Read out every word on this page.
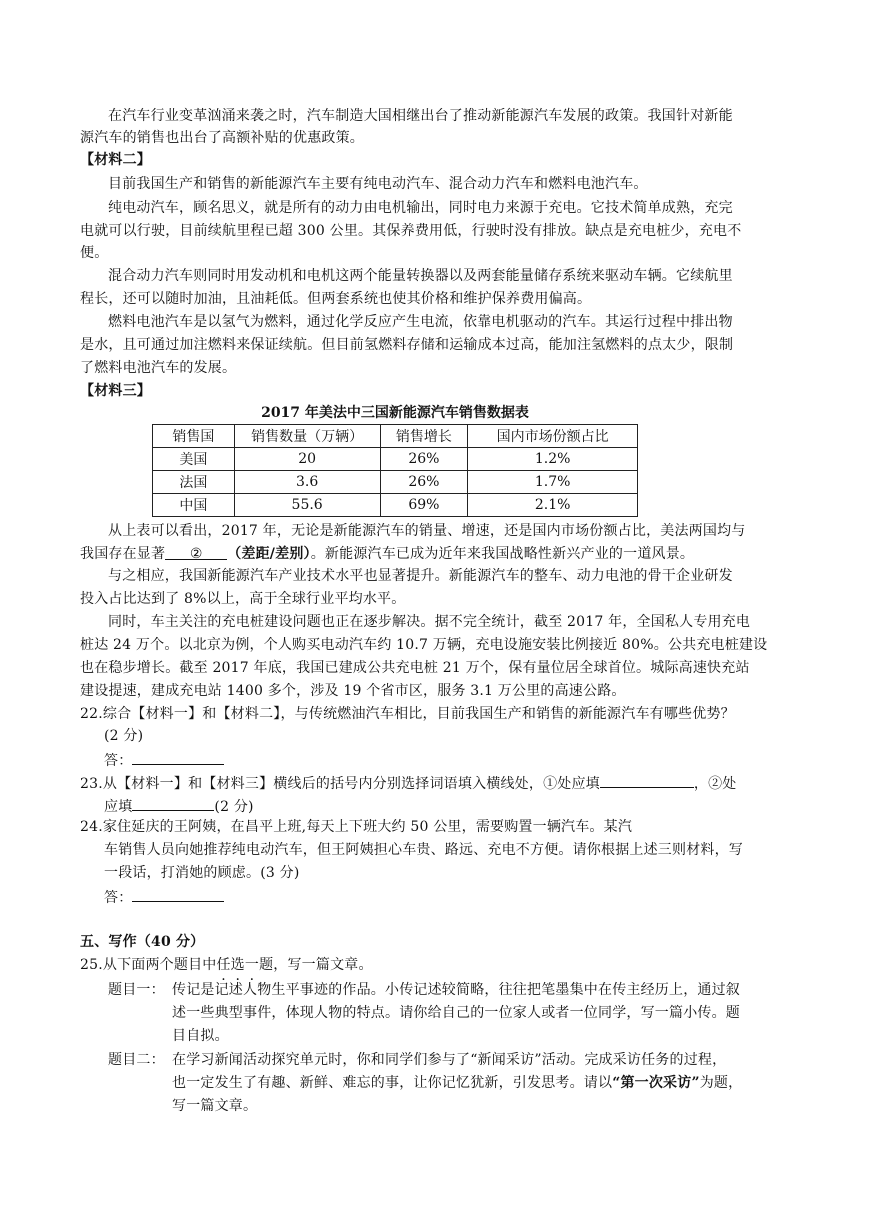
在汽车行业变革汹涌来袭之时，汽车制造大国相继出台了推动新能源汽车发展的政策。我国针对新能
源汽车的销售也出台了高额补贴的优惠政策。
【材料二】
目前我国生产和销售的新能源汽车主要有纯电动汽车、混合动力汽车和燃料电池汽车。
纯电动汽车，顾名思义，就是所有的动力由电机输出，同时电力来源于充电。它技术简单成熟，充完
电就可以行驶，目前续航里程已超 300 公里。其保养费用低，行驶时没有排放。缺点是充电桩少，充电不
便。
混合动力汽车则同时用发动机和电机这两个能量转换器以及两套能量储存系统来驱动车辆。它续航里
程长，还可以随时加油，且油耗低。但两套系统也使其价格和维护保养费用偏高。
燃料电池汽车是以氢气为燃料，通过化学反应产生电流，依靠电机驱动的汽车。其运行过程中排出物
是水，且可通过加注燃料来保证续航。但目前氢燃料存储和运输成本过高，能加注氢燃料的点太少，限制
了燃料电池汽车的发展。
【材料三】
2017 年美法中三国新能源汽车销售数据表
销售国	销售数量（万辆）	销售增长	国内市场份额占比
美国	20	26%	1.2%
法国	3.6	26%	1.7%
中国	55.6	69%	2.1%
从上表可以看出，2017 年，无论是新能源汽车的销量、增速，还是国内市场份额占比，美法两国均与
我国存在显著 ② （差距/差别）。新能源汽车已成为近年来我国战略性新兴产业的一道风景。
与之相应，我国新能源汽车产业技术水平也显著提升。新能源汽车的整车、动力电池的骨干企业研发
投入占比达到了 8%以上，高于全球行业平均水平。
同时，车主关注的充电桩建设问题也正在逐步解决。据不完全统计，截至 2017 年，全国私人专用充电
桩达 24 万个。以北京为例，个人购买电动汽车约 10.7 万辆，充电设施安装比例接近 80%。公共充电桩建设
也在稳步增长。截至 2017 年底，我国已建成公共充电桩 21 万个，保有量位居全球首位。城际高速快充站
建设提速，建成充电站 1400 多个，涉及 19 个省市区，服务 3.1 万公里的高速公路。
22.综合【材料一】和【材料二】，与传统燃油汽车相比，目前我国生产和销售的新能源汽车有哪些优势？
(2 分)
答：
23.从【材料一】和【材料三】横线后的括号内分别选择词语填入横线处，①处应填	，②处
应填	(2 分)
24.家住延庆的王阿姨，在昌平上班,每天上下班大约 50 公里，需要购置一辆汽车。某汽
车销售人员向她推荐纯电动汽车，但王阿姨担心车贵、路远、充电不方便。请你根据上述三则材料，写
一段话，打消她的顾虑。(3 分)
答：
五、写作（40 分）
25.从下面两个题目中任选一题，写一篇文章。
题目一： 传记是记述人物生平事迹的作品。小传记述较简略，往往把笔墨集中在传主经历上，通过叙
述一些典型事件，体现人物的特点。请你给自己的一位家人或者一位同学，写一篇小传。题
目自拟。
题目二： 在学习新闻活动探究单元时，你和同学们参与了“新闻采访”活动。完成采访任务的过程，
也一定发生了有趣、新鲜、难忘的事，让你记忆犹新，引发思考。请以“第一次采访”为题，
写一篇文章。
